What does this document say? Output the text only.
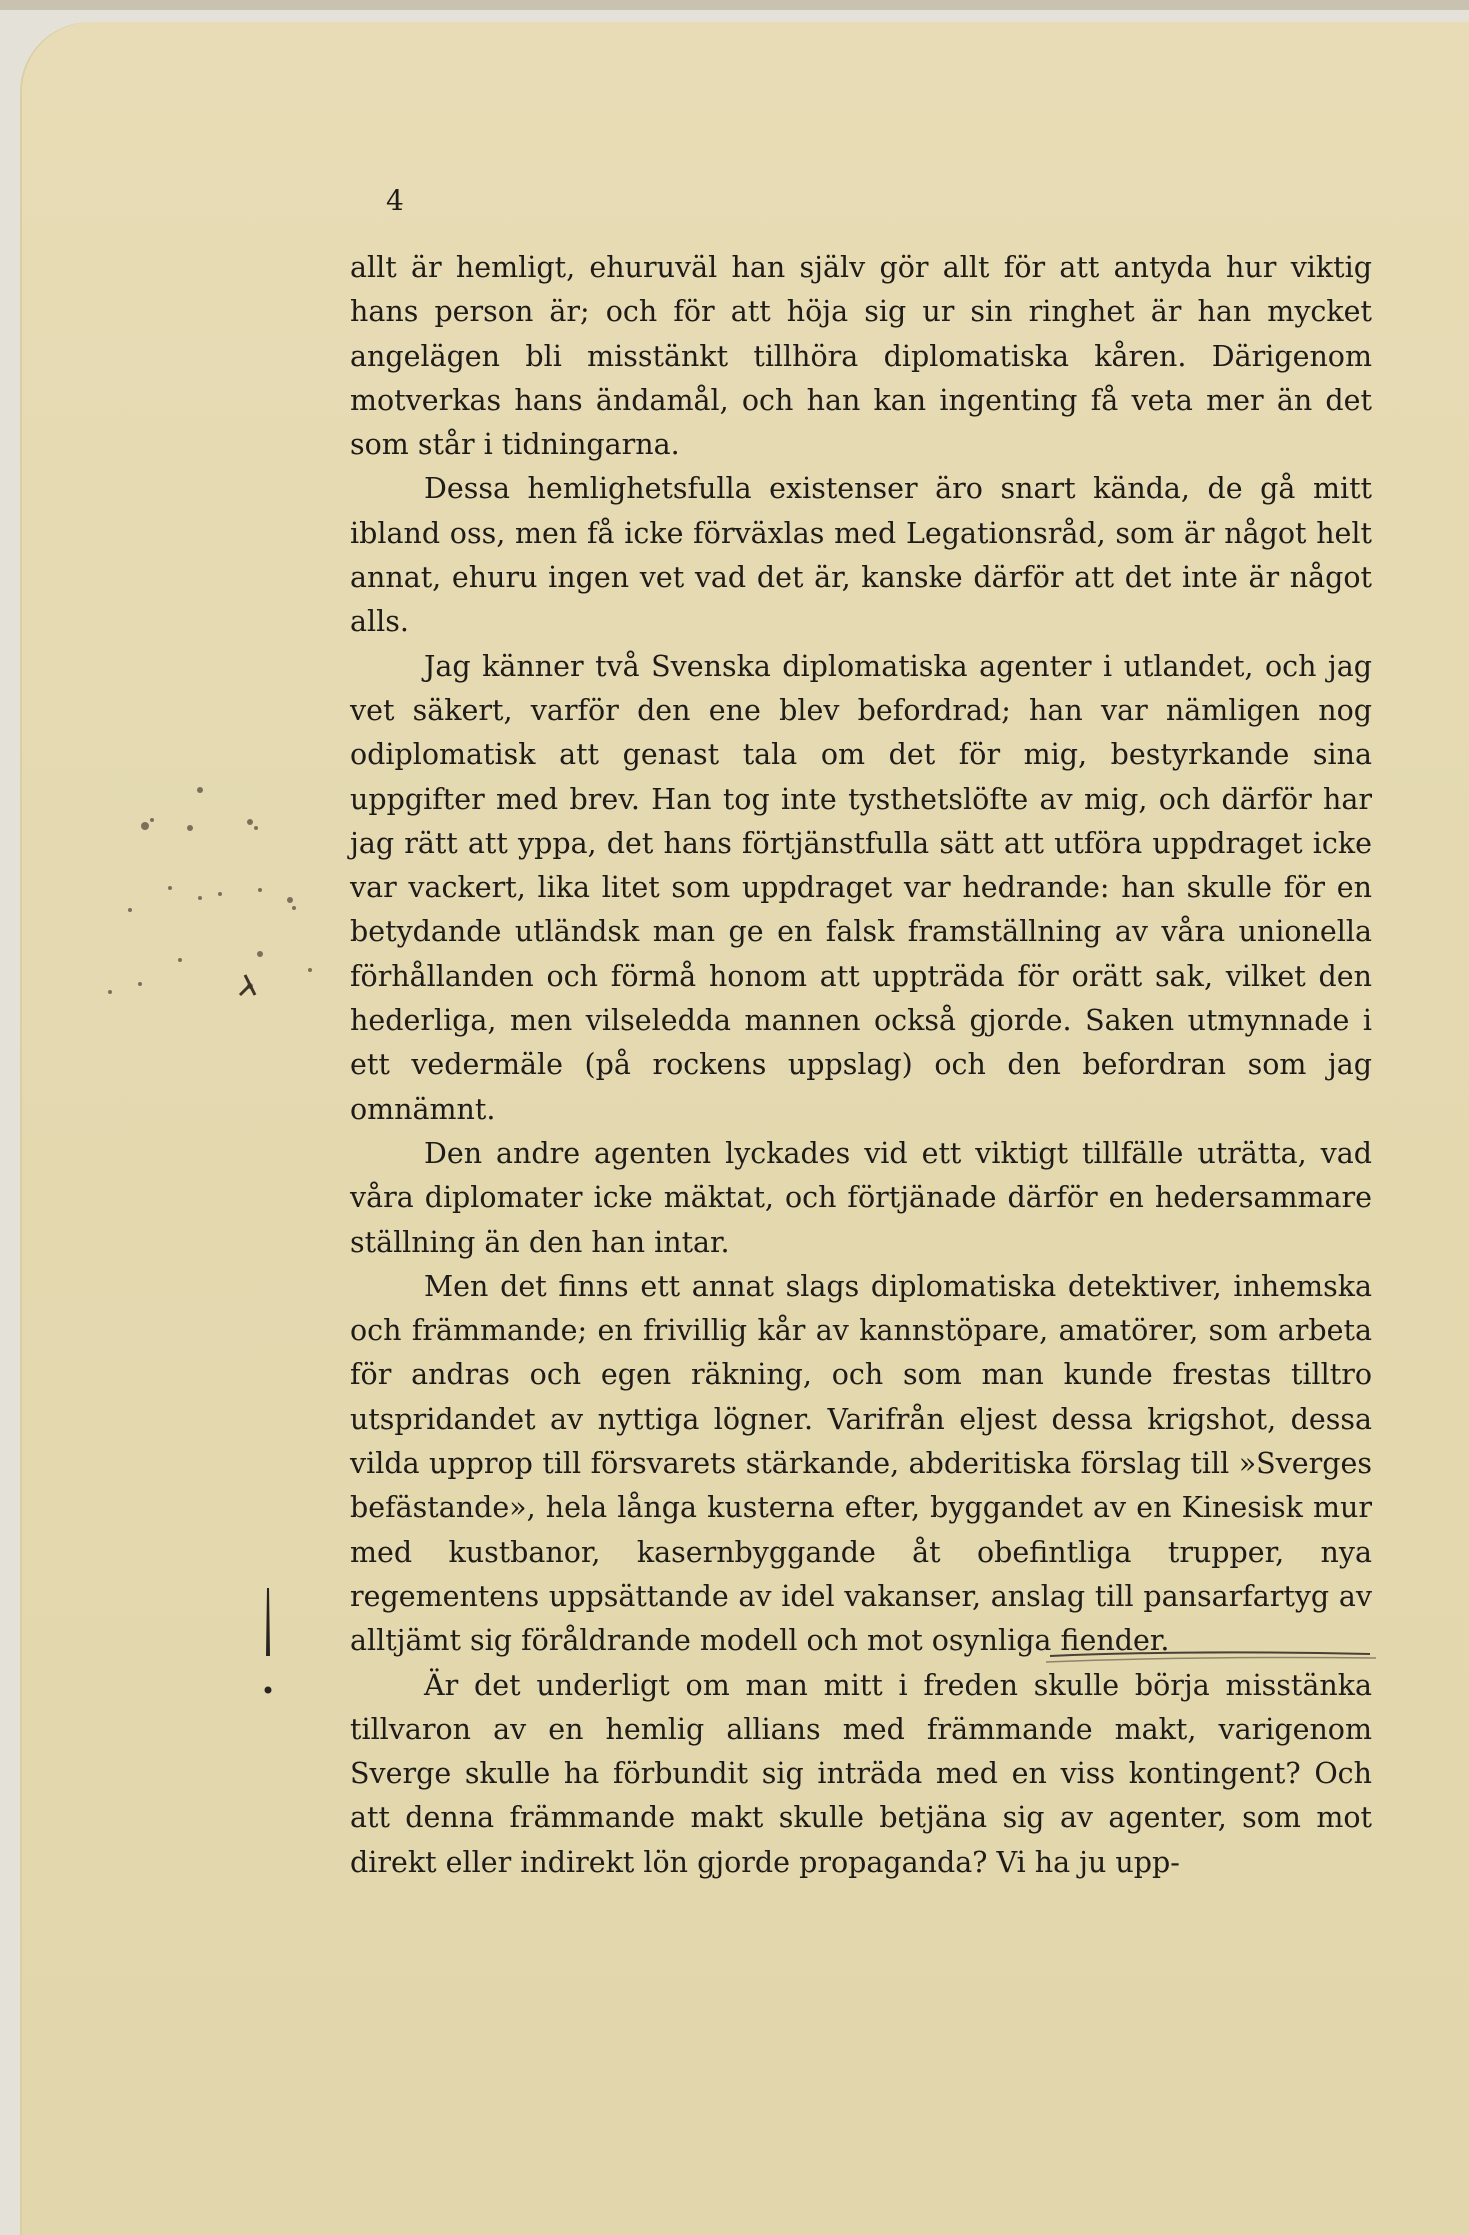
4

allt är hemligt, ehuruväl han själv gör allt för att antyda hur viktig hans person är; och för att höja sig ur sin ringhet är han mycket angelägen bli misstänkt tillhöra diplomatiska kåren. Därigenom motverkas hans ändamål, och han kan ingenting få veta mer än det som står i tidningarna.

Dessa hemlighetsfulla existenser äro snart kända, de gå mitt ibland oss, men få icke förväxlas med Legationsråd, som är något helt annat, ehuru ingen vet vad det är, kanske därför att det inte är något alls.

Jag känner två Svenska diplomatiska agenter i utlandet, och jag vet säkert, varför den ene blev befordrad; han var nämligen nog odiplomatisk att genast tala om det för mig, bestyrkande sina uppgifter med brev. Han tog inte tysthetslöfte av mig, och därför har jag rätt att yppa, det hans förtjänstfulla sätt att utföra uppdraget icke var vackert, lika litet som uppdraget var hedrande: han skulle för en betydande utländsk man ge en falsk framställning av våra unionella förhållanden och förmå honom att uppträda för orätt sak, vilket den hederliga, men vilseledda mannen också gjorde. Saken utmynnade i ett vedermäle (på rockens uppslag) och den befordran som jag omnämnt.

Den andre agenten lyckades vid ett viktigt tillfälle uträtta, vad våra diplomater icke mäktat, och förtjänade därför en hedersammare ställning än den han intar.

Men det finns ett annat slags diplomatiska detektiver, inhemska och främmande; en frivillig kår av kannstöpare, amatörer, som arbeta för andras och egen räkning, och som man kunde frestas tilltro utspridandet av nyttiga lögner. Varifrån eljest dessa krigshot, dessa vilda upprop till försvarets stärkande, abderitiska förslag till »Sverges befästande», hela långa kusterna efter, byggandet av en Kinesisk mur med kustbanor, kasernbyggande åt obefintliga trupper, nya regementens uppsättande av idel vakanser, anslag till pansarfartyg av alltjämt sig föråldrande modell och mot osynliga fiender.

Är det underligt om man mitt i freden skulle börja misstänka tillvaron av en hemlig allians med främmande makt, varigenom Sverge skulle ha förbundit sig inträda med en viss kontingent? Och att denna främmande makt skulle betjäna sig av agenter, som mot direkt eller indirekt lön gjorde propaganda? Vi ha ju upp-
